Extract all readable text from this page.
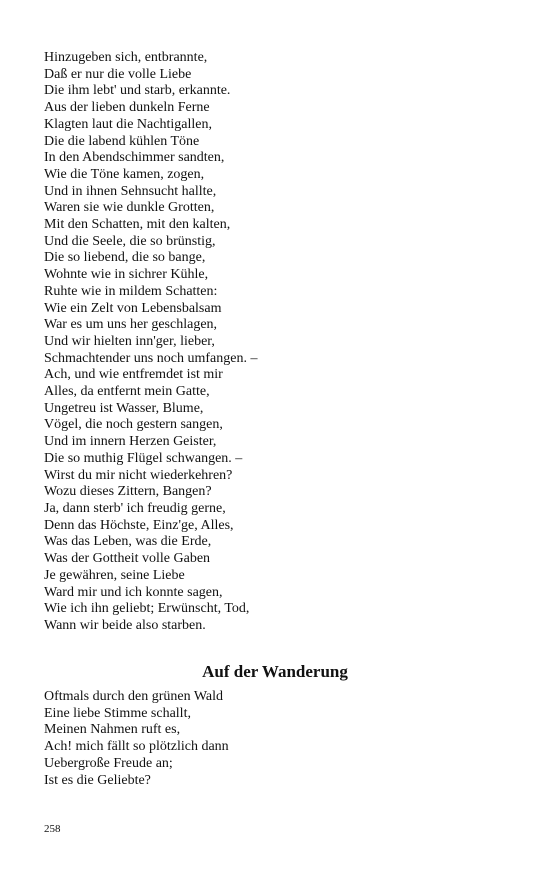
Hinzugeben sich, entbrannte,
Daß er nur die volle Liebe
Die ihm lebt' und starb, erkannte.
Aus der lieben dunkeln Ferne
Klagten laut die Nachtigallen,
Die die labend kühlen Töne
In den Abendschimmer sandten,
Wie die Töne kamen, zogen,
Und in ihnen Sehnsucht hallte,
Waren sie wie dunkle Grotten,
Mit den Schatten, mit den kalten,
Und die Seele, die so brünstig,
Die so liebend, die so bange,
Wohnte wie in sichrer Kühle,
Ruhte wie in mildem Schatten:
Wie ein Zelt von Lebensbalsam
War es um uns her geschlagen,
Und wir hielten inn'ger, lieber,
Schmachtender uns noch umfangen. –
Ach, und wie entfremdet ist mir
Alles, da entfernt mein Gatte,
Ungetreu ist Wasser, Blume,
Vögel, die noch gestern sangen,
Und im innern Herzen Geister,
Die so muthig Flügel schwangen. –
Wirst du mir nicht wiederkehren?
Wozu dieses Zittern, Bangen?
Ja, dann sterb' ich freudig gerne,
Denn das Höchste, Einz'ge, Alles,
Was das Leben, was die Erde,
Was der Gottheit volle Gaben
Je gewähren, seine Liebe
Ward mir und ich konnte sagen,
Wie ich ihn geliebt; Erwünscht, Tod,
Wann wir beide also starben.
Auf der Wanderung
Oftmals durch den grünen Wald
Eine liebe Stimme schallt,
Meinen Nahmen ruft es,
Ach! mich fällt so plötzlich dann
Uebergroße Freude an;
Ist es die Geliebte?
258
